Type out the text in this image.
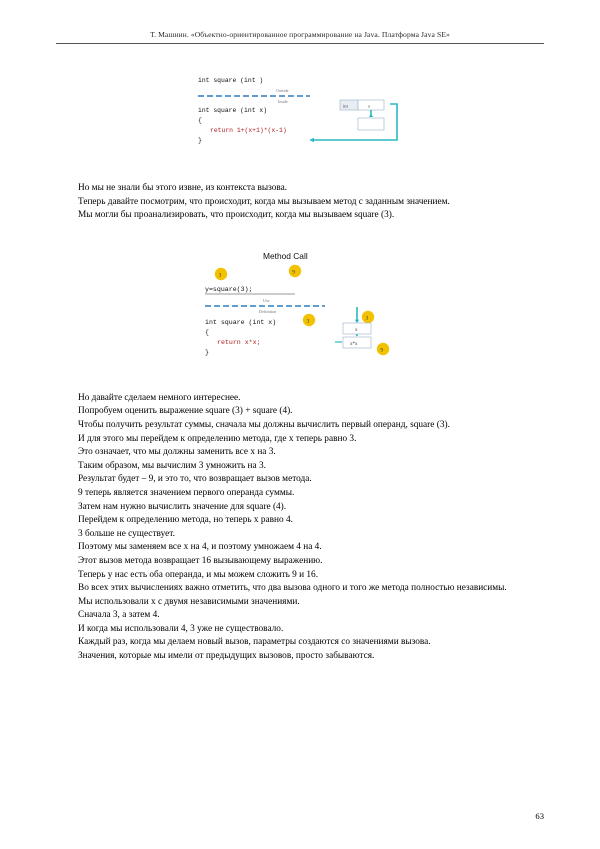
Т. Машнин. «Объектно-ориентированное программирование на Java. Платформа Java SE»
int square (int )
Outside
Inside
int square (int x)
{
return 1+(x+1)*(x-1)
}
int	x

Но мы не знали бы этого извне, из контекста вызова.

Теперь давайте посмотрим, что происходит, когда мы вызываем метод с заданным значением.

Мы могли бы проанализировать, что происходит, когда мы вызываем square (3).

Method Call
3	9
y=square(3);
Use
Definition
int square (int x)
{
return x*x;
}
3	3
x
x*x
9

Но давайте сделаем немного интереснее.

Попробуем оценить выражение square (3) + square (4).

Чтобы получить результат суммы, сначала мы должны вычислить первый операнд, square (3).

И для этого мы перейдем к определению метода, где x теперь равно 3.

Это означает, что мы должны заменить все x на 3.

Таким образом, мы вычислим 3 умножить на 3.

Результат будет – 9, и это то, что возвращает вызов метода.

9 теперь является значением первого операнда суммы.

Затем нам нужно вычислить значение для square (4).

Перейдем к определению метода, но теперь х равно 4.

3 больше не существует.

Поэтому мы заменяем все x на 4, и поэтому умножаем 4 на 4.

Этот вызов метода возвращает 16 вызывающему выражению.

Теперь у нас есть оба операнда, и мы можем сложить 9 и 16.

Во всех этих вычислениях важно отметить, что два вызова одного и того же метода полностью независимы.

Мы использовали x с двумя независимыми значениями.

Сначала 3, а затем 4.

И когда мы использовали 4, 3 уже не существовало.

Каждый раз, когда мы делаем новый вызов, параметры создаются со значениями вызова.

Значения, которые мы имели от предыдущих вызовов, просто забываются.

63
